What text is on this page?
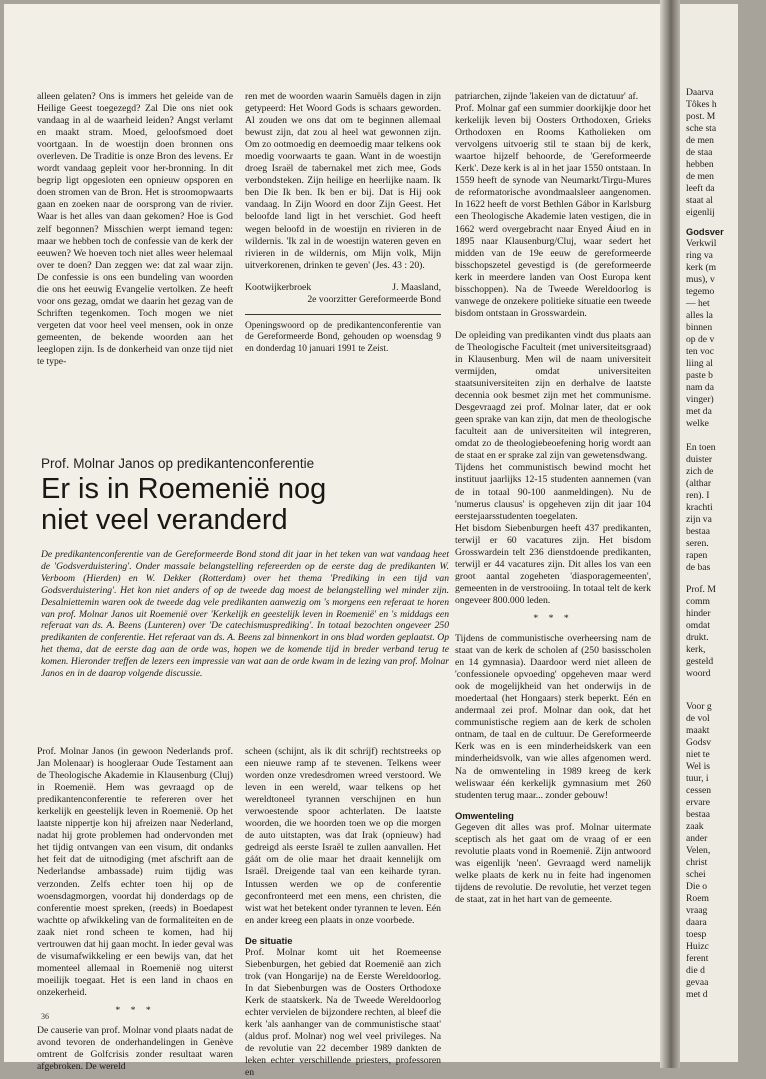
alleen gelaten? Ons is immers het geleide van de Heilige Geest toegezegd? Zal Die ons niet ook vandaag in al de waarheid leiden? Angst verlamt en maakt stram. Moed, geloofsmoed doet voortgaan. In de woestijn doen bronnen ons overleven. De Traditie is onze Bron des levens. Er wordt vandaag gepleit voor her-bronning. In dit begrip ligt opgesloten een opnieuw opsporen en doen stromen van de Bron. Het is stroomopwaarts gaan en zoeken naar de oorsprong van de rivier. Waar is het alles van daan gekomen? Hoe is God zelf begonnen? Misschien werpt iemand tegen: maar we hebben toch de confessie van de kerk der eeuwen? We hoeven toch niet alles weer helemaal over te doen? Dan zeggen we: dat zal waar zijn. De confessie is ons een bundeling van woorden die ons het eeuwig Evangelie vertolken. Ze heeft voor ons gezag, omdat we daarin het gezag van de Schriften tegenkomen. Toch mogen we niet vergeten dat voor heel veel mensen, ook in onze gemeenten, de bekende woorden aan het leeglopen zijn. Is de donkerheid van onze tijd niet te type-

ren met de woorden waarin Samuëls dagen in zijn getypeerd: Het Woord Gods is schaars geworden. Al zouden we ons dat om te beginnen allemaal bewust zijn, dat zou al heel wat gewonnen zijn. Om zo ootmoedig en deemoedig maar telkens ook moedig voorwaarts te gaan. Want in de woestijn droeg Israël de tabernakel met zich mee, Gods verbondsteken. Zijn heilige en heerlijke naam. Ik ben Die Ik ben. Ik ben er bij. Dat is Hij ook vandaag. In Zijn Woord en door Zijn Geest. Het beloofde land ligt in het verschiet. God heeft wegen beloofd in de woestijn en rivieren in de wildernis. 'Ik zal in de woestijn wateren geven en rivieren in de wildernis, om Mijn volk, Mijn uitverkorenen, drinken te geven' (Jes. 43 : 20).

Kootwijkerbroek	J. Maasland,
2e voorzitter Gereformeerde Bond

Openingswoord op de predikantenconferentie van de Gereformeerde Bond, gehouden op woensdag 9 en donderdag 10 januari 1991 te Zeist.

Prof. Molnar Janos op predikantenconferentie
Er is in Roemenië nog niet veel veranderd
De predikantenconferentie van de Gereformeerde Bond stond dit jaar in het teken van wat vandaag heet de 'Godsverduistering'. Onder massale belangstelling refereerden op de eerste dag de predikanten W. Verboom (Hierden) en W. Dekker (Rotterdam) over het thema 'Prediking in een tijd van Godsverduistering'. Het kon niet anders of op de tweede dag moest de belangstelling wel minder zijn. Desalniettemin waren ook de tweede dag vele predikanten aanwezig om 's morgens een referaat te horen van prof. Molnar Janos uit Roemenië over 'Kerkelijk en geestelijk leven in Roemenië' en 's middags een referaat van ds. A. Beens (Lunteren) over 'De catechismusprediking'. In totaal bezochten ongeveer 250 predikanten de conferentie. Het referaat van ds. A. Beens zal binnenkort in ons blad worden geplaatst. Op het thema, dat de eerste dag aan de orde was, hopen we de komende tijd in breder verband terug te komen. Hieronder treffen de lezers een impressie van wat aan de orde kwam in de lezing van prof. Molnar Janos en in de daarop volgende discussie.

Prof. Molnar Janos (in gewoon Nederlands prof. Jan Molenaar) is hoogleraar Oude Testament aan de Theologische Akademie in Klausenburg (Cluj) in Roemenië. Hem was gevraagd op de predikantenconferentie te refereren over het kerkelijk en geestelijk leven in Roemenië. Op het laatste nippertje kon hij afreizen naar Nederland, nadat hij grote problemen had ondervonden met het tijdig ontvangen van een visum, dit ondanks het feit dat de uitnodiging (met afschrift aan de Nederlandse ambassade) ruim tijdig was verzonden. Zelfs echter toen hij op de woensdagmorgen, voordat hij donderdags op de conferentie moest spreken, (reeds) in Boedapest wachtte op afwikkeling van de formaliteiten en de zaak niet rond scheen te komen, had hij vertrouwen dat hij gaan mocht. In ieder geval was de visumafwikkeling er een bewijs van, dat het momenteel allemaal in Roemenië nog uiterst moeilijk toegaat. Het is een land in chaos en onzekerheid.

* * *

De causerie van prof. Molnar vond plaats nadat de avond tevoren de onderhandelingen in Genève omtrent de Golfcrisis zonder resultaat waren afgebroken. De wereld

scheen (schijnt, als ik dit schrijf) rechtstreeks op een nieuwe ramp af te stevenen. Telkens weer worden onze vredesdromen wreed verstoord. We leven in een wereld, waar telkens op het wereldtoneel tyrannen verschijnen en hun verwoestende spoor achterlaten. De laatste woorden, die we hoorden toen we op die morgen de auto uitstapten, was dat Irak (opnieuw) had gedreigd als eerste Israël te zullen aanvallen. Het gáát om de olie maar het draait kennelijk om Israël. Dreigende taal van een keiharde tyran. Intussen werden we op de conferentie geconfronteerd met een mens, een christen, die wist wat het betekent onder tyrannen te leven. Eén en ander kreeg een plaats in onze voorbede.

De situatie

Prof. Molnar komt uit het Roemeense Siebenburgen, het gebied dat Roemenië aan zich trok (van Hongarije) na de Eerste Wereldoorlog. In dat Siebenburgen was de Oosters Orthodoxe Kerk de staatskerk. Na de Tweede Wereldoorlog echter vervielen de bijzondere rechten, al bleef die kerk 'als aanhanger van de communistische staat' (aldus prof. Molnar) nog wel veel privileges. Na de revolutie van 22 december 1989 dankten de leken echter verschillende priesters, professoren en

patriarchen, zijnde 'lakeien van de dictatuur' af.

Prof. Molnar gaf een summier doorkijkje door het kerkelijk leven bij Oosters Orthodoxen, Grieks Orthodoxen en Rooms Katholieken om vervolgens uitvoerig stil te staan bij de kerk, waartoe hijzelf behoorde, de 'Gereformeerde Kerk'. Deze kerk is al in het jaar 1550 ontstaan. In 1559 heeft de synode van Neumarkt/Tirgu-Mures de reformatorische avondmaalsleer aangenomen. In 1622 heeft de vorst Bethlen Gábor in Karlsburg een Theologische Akademie laten vestigen, die in 1662 werd overgebracht naar Enyed Áiud en in 1895 naar Klausenburg/Cluj, waar sedert het midden van de 19e eeuw de gereformeerde bisschopszetel gevestigd is (de gereformeerde kerk in meerdere landen van Oost Europa kent bisschoppen). Na de Tweede Wereldoorlog is vanwege de onzekere politieke situatie een tweede bisdom ontstaan in Grosswardein.

De opleiding van predikanten vindt dus plaats aan de Theologische Faculteit (met universiteitsgraad) in Klausenburg. Men wil de naam universiteit vermijden, omdat universiteiten staatsuniversiteiten zijn en derhalve de laatste decennia ook besmet zijn met het communisme. Desgevraagd zei prof. Molnar later, dat er ook geen sprake van kan zijn, dat men de theologische faculteit aan de universiteiten wil integreren, omdat zo de theologiebeoefening horig wordt aan de staat en er sprake zal zijn van gewetensdwang.

Tijdens het communistisch bewind mocht het instituut jaarlijks 12-15 studenten aannemen (van de in totaal 90-100 aanmeldingen). Nu de 'numerus clausus' is opgeheven zijn dit jaar 104 eerstejaarsstudenten toegelaten.

Het bisdom Siebenburgen heeft 437 predikanten, terwijl er 60 vacatures zijn. Het bisdom Grosswardein telt 236 dienstdoende predikanten, terwijl er 44 vacatures zijn. Dit alles los van een groot aantal zogeheten 'diasporagemeenten', gemeenten in de verstrooiing. In totaal telt de kerk ongeveer 800.000 leden.

* * *

Tijdens de communistische overheersing nam de staat van de kerk de scholen af (250 basisscholen en 14 gymnasia). Daardoor werd niet alleen de 'confessionele opvoeding' opgeheven maar werd ook de mogelijkheid van het onderwijs in de moedertaal (het Hongaars) sterk beperkt. Eén en andermaal zei prof. Molnar dan ook, dat het communistische regiem aan de kerk de scholen ontnam, de taal en de cultuur. De Gereformeerde Kerk was en is een minderheidskerk van een minderheidsvolk, van wie alles afgenomen werd. Na de omwenteling in 1989 kreeg de kerk weliswaar één kerkelijk gymnasium met 260 studenten terug maar... zonder gebouw!

Omwenteling

Gegeven dit alles was prof. Molnar uitermate sceptisch als het gaat om de vraag of er een revolutie plaats vond in Roemenië. Zijn antwoord was eigenlijk 'neen'. Gevraagd werd namelijk welke plaats de kerk nu in feite had ingenomen tijdens de revolutie. De revolutie, het verzet tegen de staat, zat in het hart van de gemeente.

36
Daarva
Tôkes h
post. M
sche sta
de men
de staa
hebben
de men
leeft da
staat al
eigenlij
Godsver
Verkwil
ring va
kerk (m
mus), v
tegemo
— het
alles la
binnen
op de v
ten voc
liing al
paste b
nam da
vinger)
met da
welke
En toen
duister
zich de
(althar
ren). I
krachti
zijn va
bestaa
seren.
rapen
de bas
Prof. M
comm
hinder
omdat
drukt.
kerk,
gesteld
woord
Voor g
de vol
maakt
Godsv
niet te
Wel is
tuur, i
cessen
ervare
bestaa
zaak
ander
Velen,
christ
schei
Die o
Roem
vraag
daara
toesp
Huizc
ferent
die d
gevaa
met d
